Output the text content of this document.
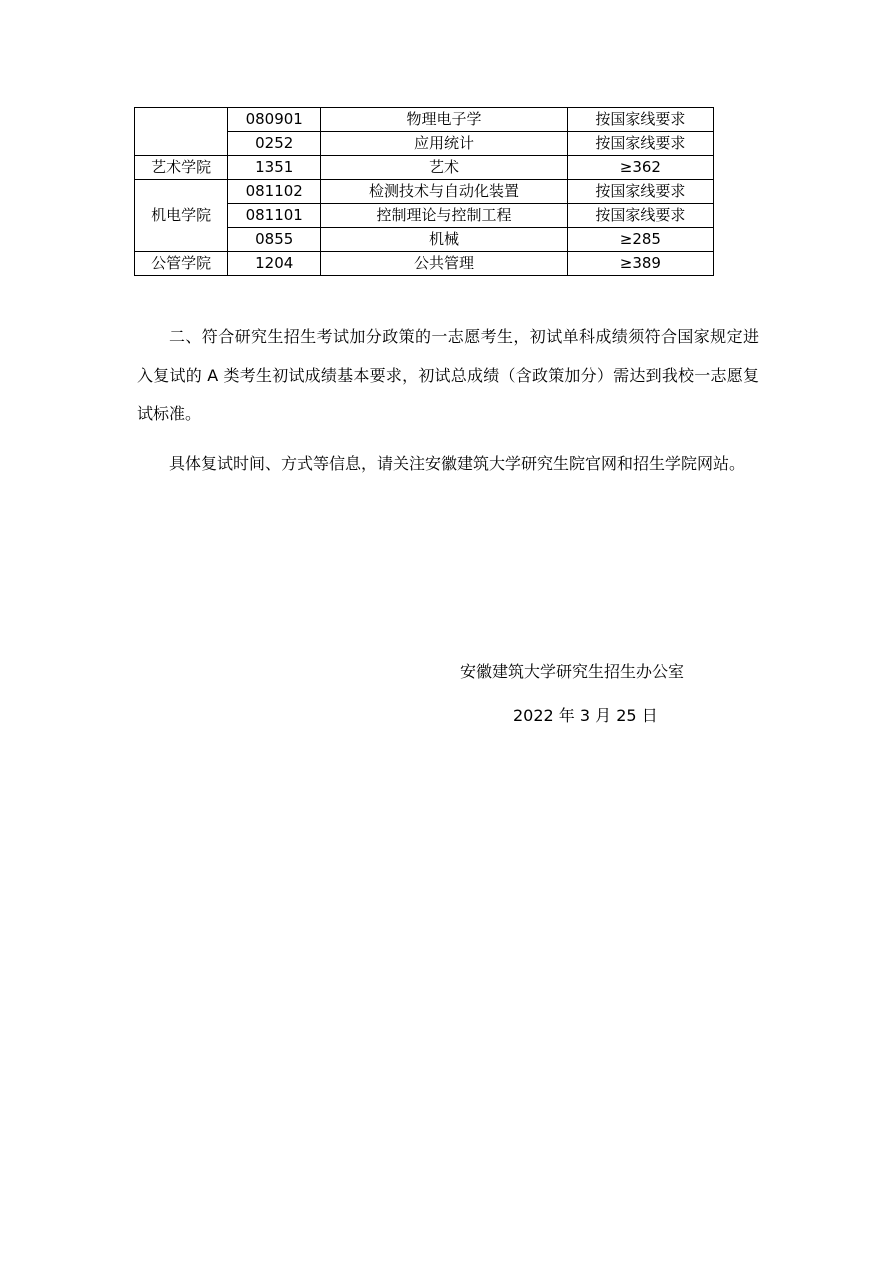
	080901	物理电子学	按国家线要求
	0252	应用统计	按国家线要求
艺术学院	1351	艺术	≥362
机电学院	081102	检测技术与自动化装置	按国家线要求
	081101	控制理论与控制工程	按国家线要求
	0855	机械	≥285
公管学院	1204	公共管理	≥389

二、符合研究生招生考试加分政策的一志愿考生，初试单科成绩须符合国家规定进入复试的 A 类考生初试成绩基本要求，初试总成绩（含政策加分）需达到我校一志愿复试标准。

具体复试时间、方式等信息，请关注安徽建筑大学研究生院官网和招生学院网站。

安徽建筑大学研究生招生办公室
2022 年 3 月 25 日
